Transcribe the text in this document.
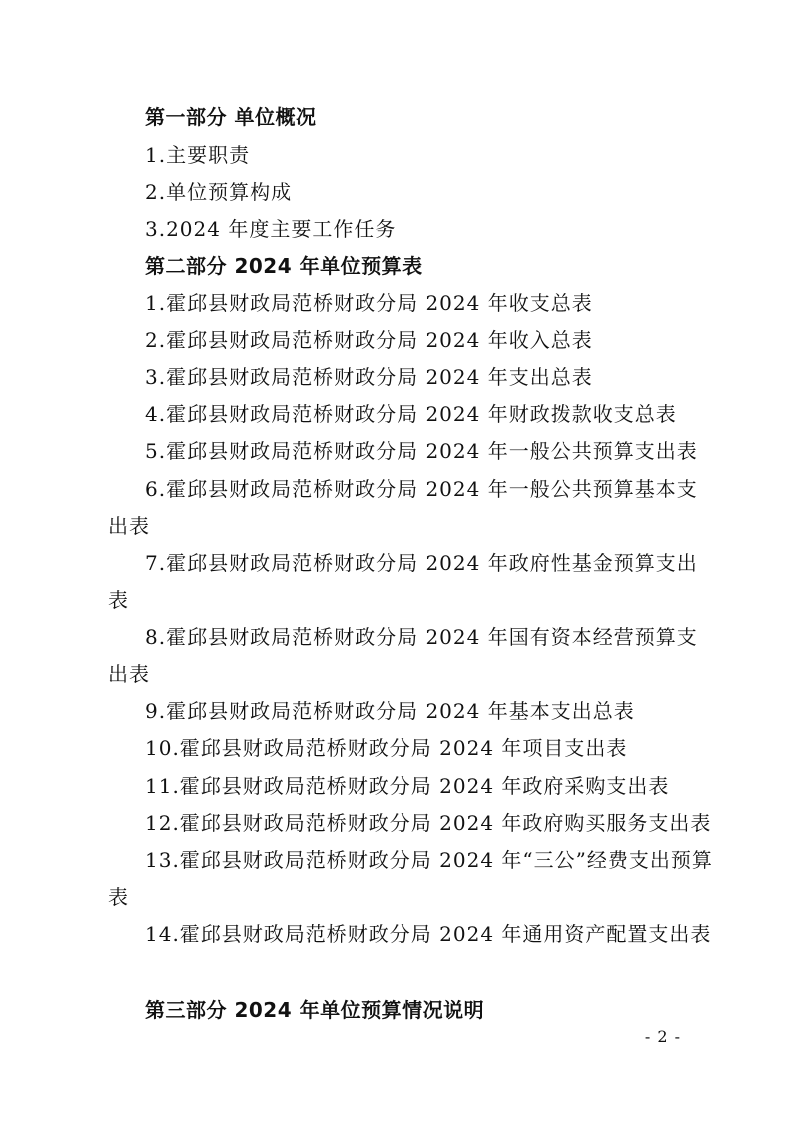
第一部分 单位概况
1.主要职责
2.单位预算构成
3.2024 年度主要工作任务
第二部分 2024 年单位预算表
1.霍邱县财政局范桥财政分局 2024 年收支总表
2.霍邱县财政局范桥财政分局 2024 年收入总表
3.霍邱县财政局范桥财政分局 2024 年支出总表
4.霍邱县财政局范桥财政分局 2024 年财政拨款收支总表
5.霍邱县财政局范桥财政分局 2024 年一般公共预算支出表
6.霍邱县财政局范桥财政分局 2024 年一般公共预算基本支
出表
7.霍邱县财政局范桥财政分局 2024 年政府性基金预算支出
表
8.霍邱县财政局范桥财政分局 2024 年国有资本经营预算支
出表
9.霍邱县财政局范桥财政分局 2024 年基本支出总表
10.霍邱县财政局范桥财政分局 2024 年项目支出表
11.霍邱县财政局范桥财政分局 2024 年政府采购支出表
12.霍邱县财政局范桥财政分局 2024 年政府购买服务支出表
13.霍邱县财政局范桥财政分局 2024 年“三公”经费支出预算
表
14.霍邱县财政局范桥财政分局 2024 年通用资产配置支出表
第三部分 2024 年单位预算情况说明
- 2 -
